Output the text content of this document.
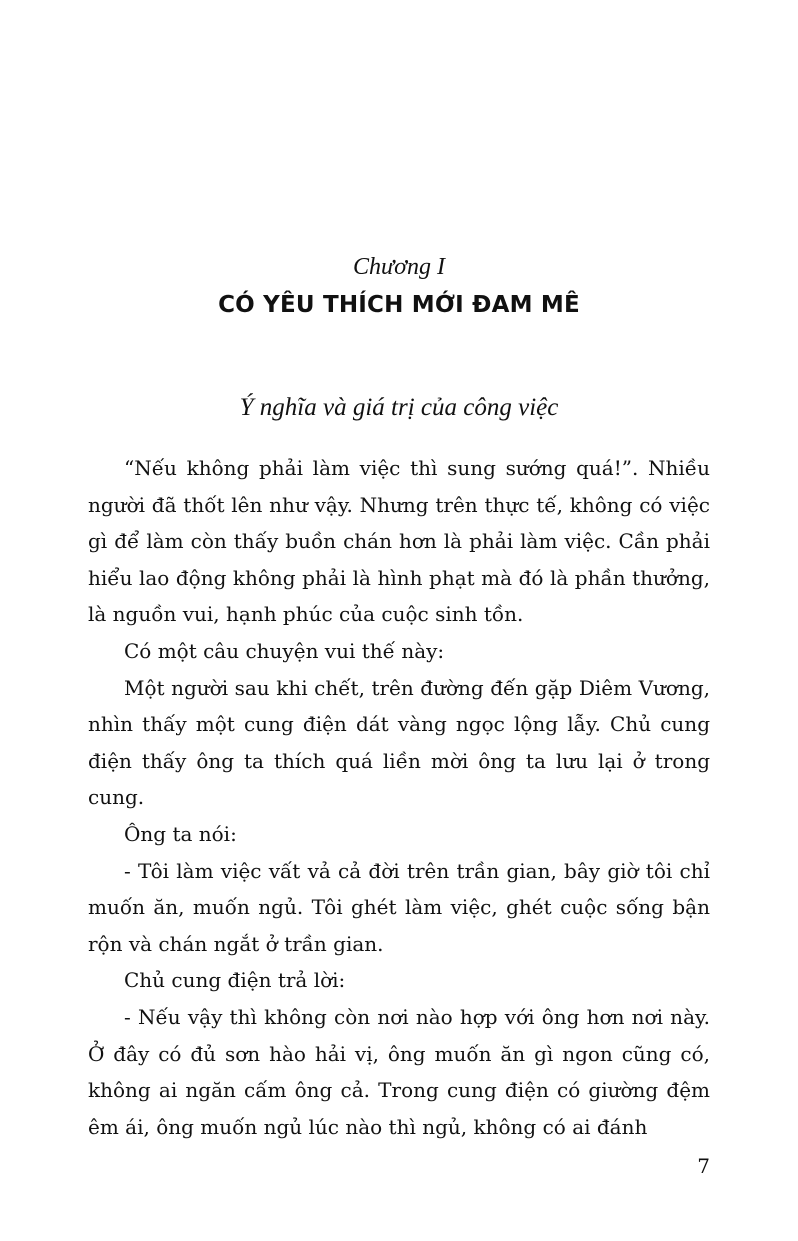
Chương I
CÓ YÊU THÍCH MỚI ĐAM MÊ
Ý nghĩa và giá trị của công việc

“Nếu không phải làm việc thì sung sướng quá!”. Nhiều người đã thốt lên như vậy. Nhưng trên thực tế, không có việc gì để làm còn thấy buồn chán hơn là phải làm việc. Cần phải hiểu lao động không phải là hình phạt mà đó là phần thưởng, là nguồn vui, hạnh phúc của cuộc sinh tồn.

Có một câu chuyện vui thế này:

Một người sau khi chết, trên đường đến gặp Diêm Vương, nhìn thấy một cung điện dát vàng ngọc lộng lẫy. Chủ cung điện thấy ông ta thích quá liền mời ông ta lưu lại ở trong cung.

Ông ta nói:

- Tôi làm việc vất vả cả đời trên trần gian, bây giờ tôi chỉ muốn ăn, muốn ngủ. Tôi ghét làm việc, ghét cuộc sống bận rộn và chán ngắt ở trần gian.

Chủ cung điện trả lời:

- Nếu vậy thì không còn nơi nào hợp với ông hơn nơi này. Ở đây có đủ sơn hào hải vị, ông muốn ăn gì ngon cũng có, không ai ngăn cấm ông cả. Trong cung điện có giường đệm êm ái, ông muốn ngủ lúc nào thì ngủ, không có ai đánh

7
